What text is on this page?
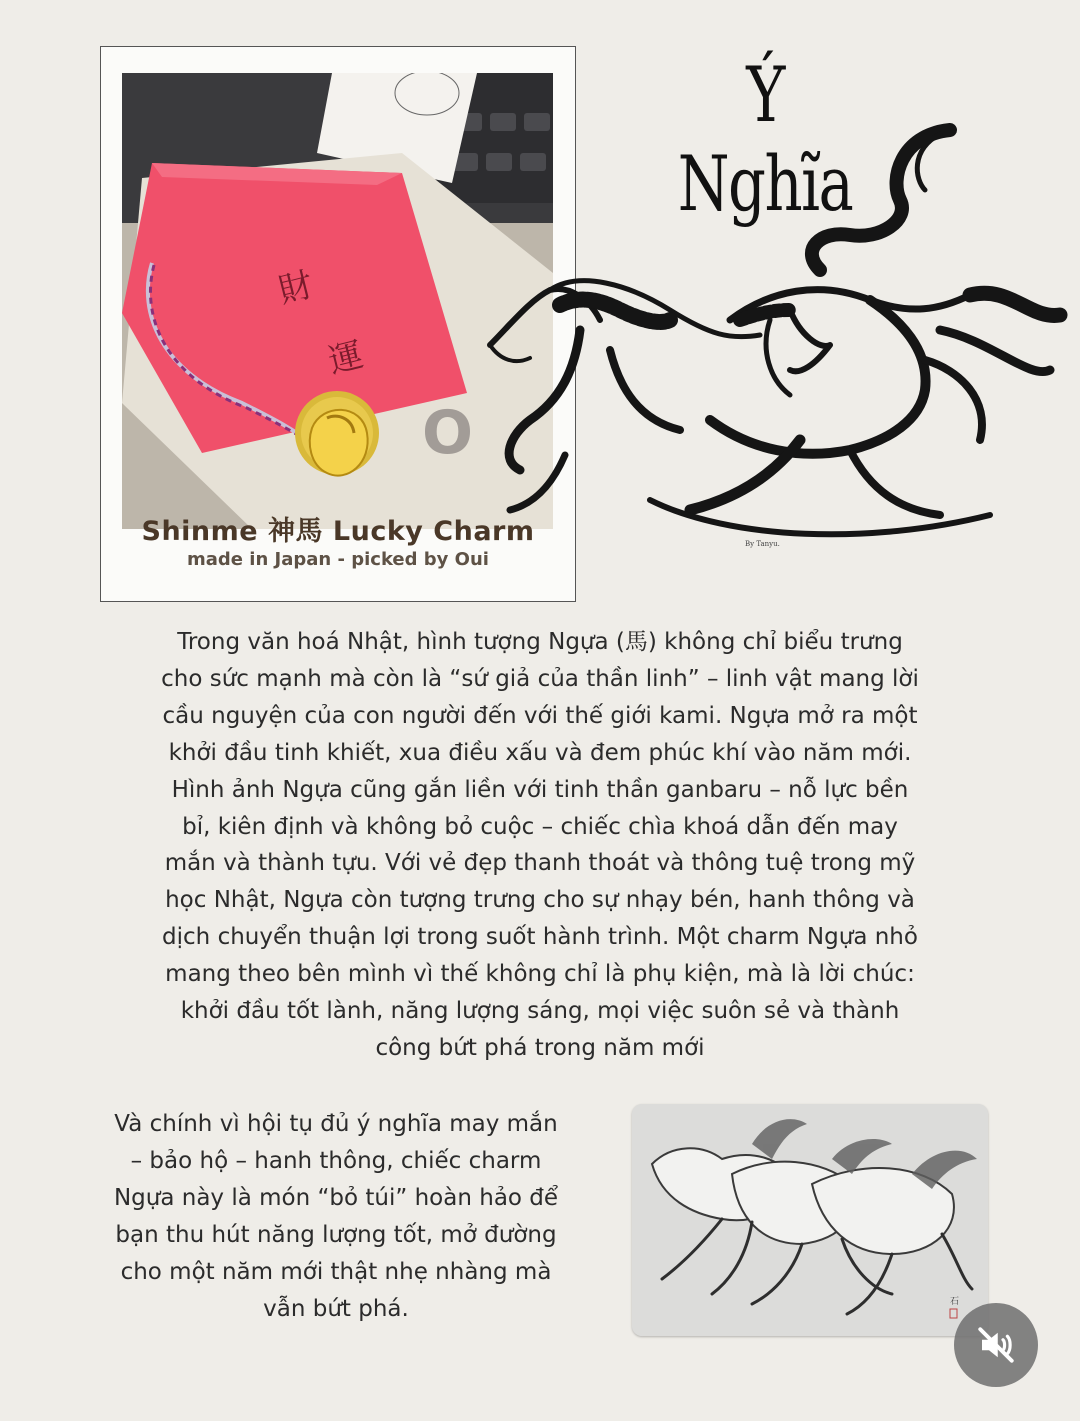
財
運
O
Shinme 神馬 Lucky Charm
made in Japan - picked by Oui
Ý Nghĩa
By Tanyu.
Trong văn hoá Nhật, hình tượng Ngựa (馬) không chỉ biểu trưng
cho sức mạnh mà còn là “sứ giả của thần linh” – linh vật mang lời
cầu nguyện của con người đến với thế giới kami. Ngựa mở ra một
khởi đầu tinh khiết, xua điều xấu và đem phúc khí vào năm mới.
Hình ảnh Ngựa cũng gắn liền với tinh thần ganbaru – nỗ lực bền
bỉ, kiên định và không bỏ cuộc – chiếc chìa khoá dẫn đến may
mắn và thành tựu. Với vẻ đẹp thanh thoát và thông tuệ trong mỹ
học Nhật, Ngựa còn tượng trưng cho sự nhạy bén, hanh thông và
dịch chuyển thuận lợi trong suốt hành trình. Một charm Ngựa nhỏ
mang theo bên mình vì thế không chỉ là phụ kiện, mà là lời chúc:
khởi đầu tốt lành, năng lượng sáng, mọi việc suôn sẻ và thành
công bứt phá trong năm mới
Và chính vì hội tụ đủ ý nghĩa may mắn
– bảo hộ – hanh thông, chiếc charm
Ngựa này là món “bỏ túi” hoàn hảo để
bạn thu hút năng lượng tốt, mở đường
cho một năm mới thật nhẹ nhàng mà
vẫn bứt phá.	石
